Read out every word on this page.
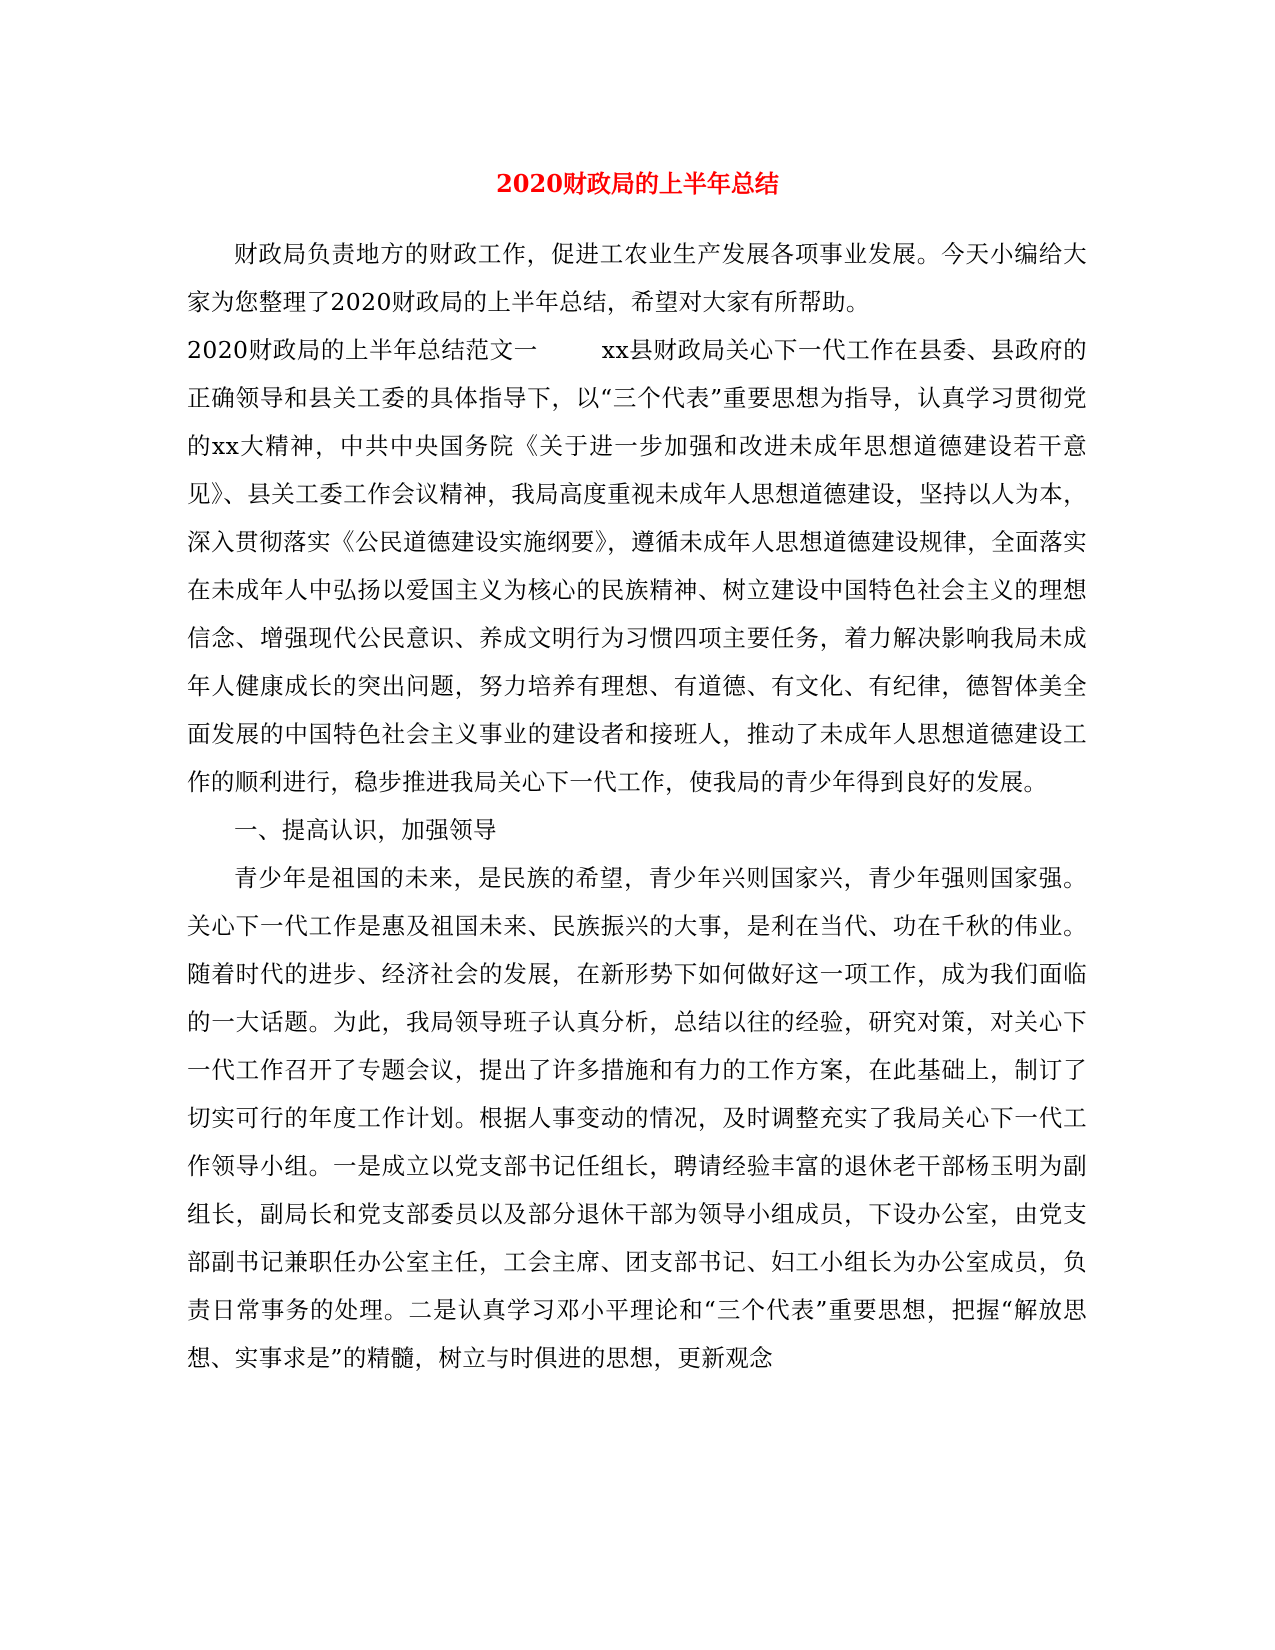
2020财政局的上半年总结

财政局负责地方的财政工作，促进工农业生产发展各项事业发展。今天小编给大家为您整理了2020财政局的上半年总结，希望对大家有所帮助。

2020财政局的上半年总结范文一	xx县财政局关心下一代工作在县委、县政府的正确领导和县关工委的具体指导下，以“三个代表”重要思想为指导，认真学习贯彻党的xx大精神，中共中央国务院《关于进一步加强和改进未成年思想道德建设若干意见》、县关工委工作会议精神，我局高度重视未成年人思想道德建设，坚持以人为本，深入贯彻落实《公民道德建设实施纲要》，遵循未成年人思想道德建设规律，全面落实在未成年人中弘扬以爱国主义为核心的民族精神、树立建设中国特色社会主义的理想信念、增强现代公民意识、养成文明行为习惯四项主要任务，着力解决影响我局未成年人健康成长的突出问题，努力培养有理想、有道德、有文化、有纪律，德智体美全面发展的中国特色社会主义事业的建设者和接班人，推动了未成年人思想道德建设工作的顺利进行，稳步推进我局关心下一代工作，使我局的青少年得到良好的发展。

一、提高认识，加强领导

青少年是祖国的未来，是民族的希望，青少年兴则国家兴，青少年强则国家强。关心下一代工作是惠及祖国未来、民族振兴的大事，是利在当代、功在千秋的伟业。随着时代的进步、经济社会的发展，在新形势下如何做好这一项工作，成为我们面临的一大话题。为此，我局领导班子认真分析，总结以往的经验，研究对策，对关心下一代工作召开了专题会议，提出了许多措施和有力的工作方案，在此基础上，制订了切实可行的年度工作计划。根据人事变动的情况，及时调整充实了我局关心下一代工作领导小组。一是成立以党支部书记任组长，聘请经验丰富的退休老干部杨玉明为副组长，副局长和党支部委员以及部分退休干部为领导小组成员，下设办公室，由党支部副书记兼职任办公室主任，工会主席、团支部书记、妇工小组长为办公室成员，负责日常事务的处理。二是认真学习邓小平理论和“三个代表”重要思想，把握“解放思想、实事求是”的精髓，树立与时俱进的思想，更新观念
